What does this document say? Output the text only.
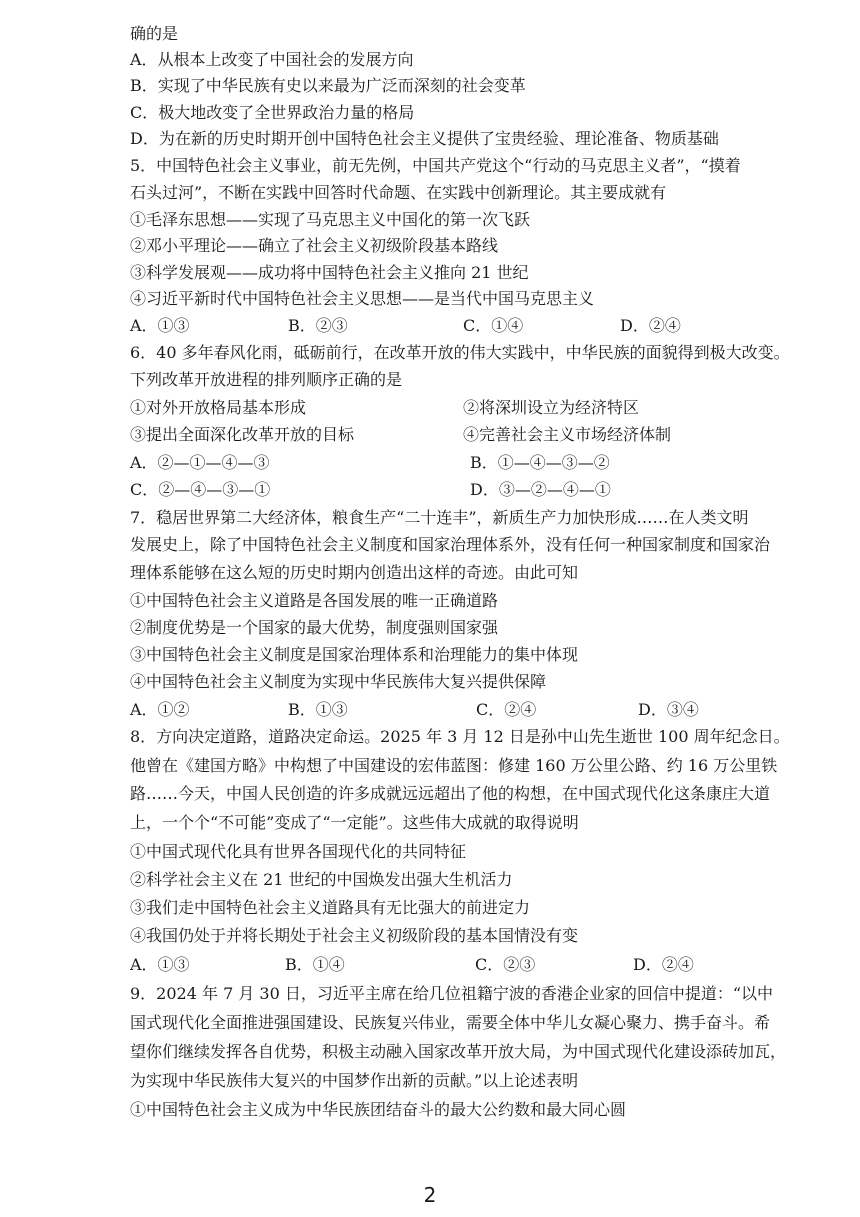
确的是
A．从根本上改变了中国社会的发展方向
B．实现了中华民族有史以来最为广泛而深刻的社会变革
C．极大地改变了全世界政治力量的格局
D．为在新的历史时期开创中国特色社会主义提供了宝贵经验、理论准备、物质基础
5．中国特色社会主义事业，前无先例，中国共产党这个“行动的马克思主义者”，“摸着
石头过河”，不断在实践中回答时代命题、在实践中创新理论。其主要成就有
①毛泽东思想——实现了马克思主义中国化的第一次飞跃
②邓小平理论——确立了社会主义初级阶段基本路线
③科学发展观——成功将中国特色社会主义推向 21 世纪
④习近平新时代中国特色社会主义思想——是当代中国马克思主义
A．①③	B．②③	C．①④	D．②④
6．40 多年春风化雨，砥砺前行，在改革开放的伟大实践中，中华民族的面貌得到极大改变。
下列改革开放进程的排列顺序正确的是
①对外开放格局基本形成	②将深圳设立为经济特区
③提出全面深化改革开放的目标	④完善社会主义市场经济体制
A．②—①—④—③	B．①—④—③—②
C．②—④—③—①	D．③—②—④—①
7．稳居世界第二大经济体，粮食生产“二十连丰”，新质生产力加快形成……在人类文明
发展史上，除了中国特色社会主义制度和国家治理体系外，没有任何一种国家制度和国家治
理体系能够在这么短的历史时期内创造出这样的奇迹。由此可知
①中国特色社会主义道路是各国发展的唯一正确道路
②制度优势是一个国家的最大优势，制度强则国家强
③中国特色社会主义制度是国家治理体系和治理能力的集中体现
④中国特色社会主义制度为实现中华民族伟大复兴提供保障
A．①②	B．①③	C．②④	D．③④
8．方向决定道路，道路决定命运。2025 年 3 月 12 日是孙中山先生逝世 100 周年纪念日。
他曾在《建国方略》中构想了中国建设的宏伟蓝图：修建 160 万公里公路、约 16 万公里铁
路……今天，中国人民创造的许多成就远远超出了他的构想，在中国式现代化这条康庄大道
上，一个个“不可能”变成了“一定能”。这些伟大成就的取得说明
①中国式现代化具有世界各国现代化的共同特征
②科学社会主义在 21 世纪的中国焕发出强大生机活力
③我们走中国特色社会主义道路具有无比强大的前进定力
④我国仍处于并将长期处于社会主义初级阶段的基本国情没有变
A．①③	B．①④	C．②③	D．②④
9．2024 年 7 月 30 日，习近平主席在给几位祖籍宁波的香港企业家的回信中提道：“以中
国式现代化全面推进强国建设、民族复兴伟业，需要全体中华儿女凝心聚力、携手奋斗。希
望你们继续发挥各自优势，积极主动融入国家改革开放大局，为中国式现代化建设添砖加瓦，
为实现中华民族伟大复兴的中国梦作出新的贡献。”以上论述表明
①中国特色社会主义成为中华民族团结奋斗的最大公约数和最大同心圆
2
